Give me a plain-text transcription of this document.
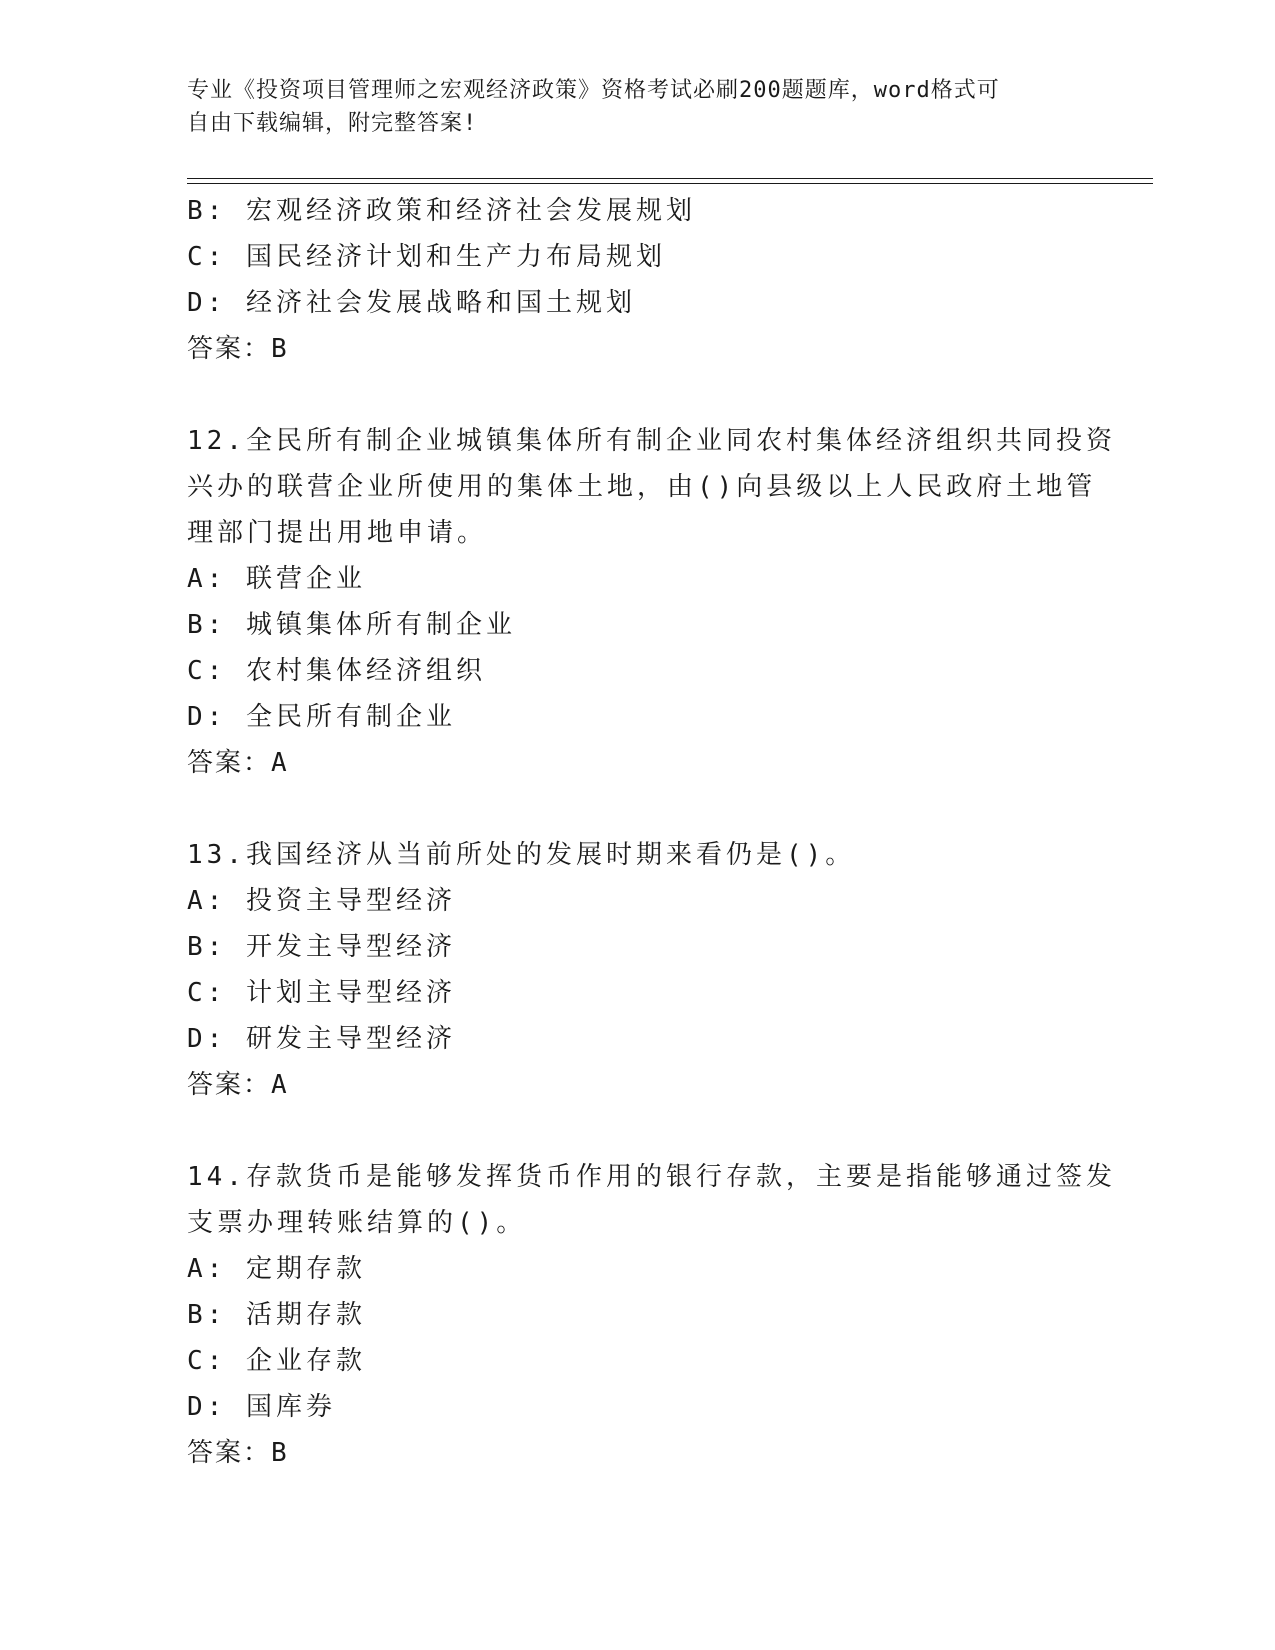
专业《投资项目管理师之宏观经济政策》资格考试必刷200题题库，word格式可
自由下载编辑，附完整答案!
B: 宏观经济政策和经济社会发展规划
C: 国民经济计划和生产力布局规划
D: 经济社会发展战略和国土规划
答案：B
12.全民所有制企业城镇集体所有制企业同农村集体经济组织共同投资
兴办的联营企业所使用的集体土地，由()向县级以上人民政府土地管
理部门提出用地申请。
A: 联营企业
B: 城镇集体所有制企业
C: 农村集体经济组织
D: 全民所有制企业
答案：A
13.我国经济从当前所处的发展时期来看仍是()。
A: 投资主导型经济
B: 开发主导型经济
C: 计划主导型经济
D: 研发主导型经济
答案：A
14.存款货币是能够发挥货币作用的银行存款，主要是指能够通过签发
支票办理转账结算的()。
A: 定期存款
B: 活期存款
C: 企业存款
D: 国库券
答案：B
